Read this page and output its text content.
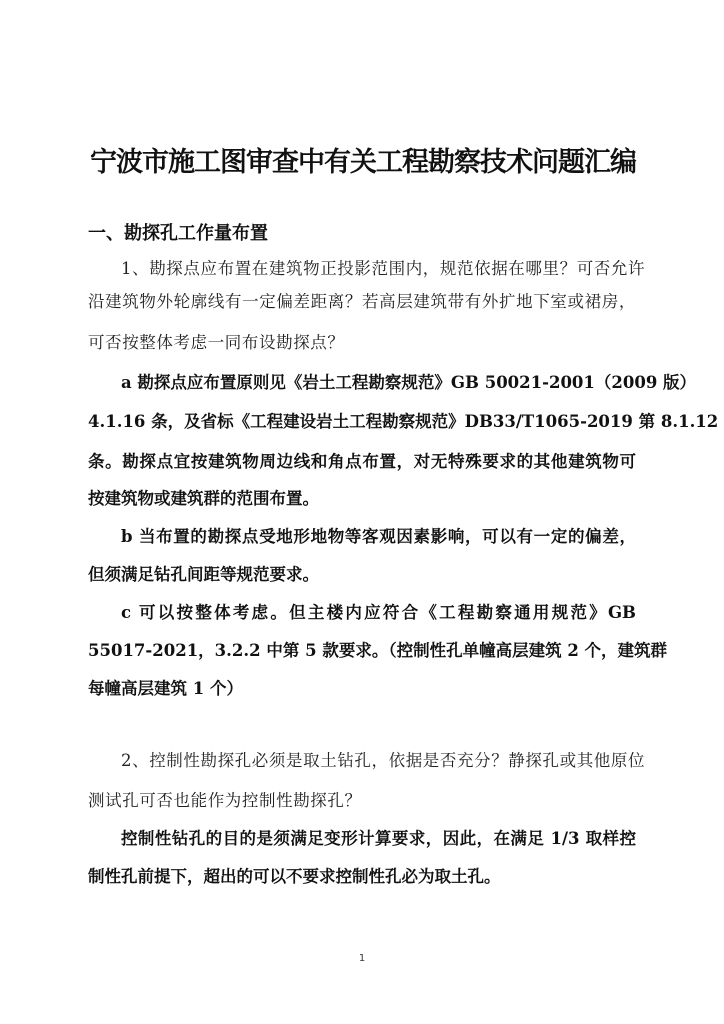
宁波市施工图审查中有关工程勘察技术问题汇编
一、勘探孔工作量布置
1、勘探点应布置在建筑物正投影范围内，规范依据在哪里？可否允许
沿建筑物外轮廓线有一定偏差距离？若高层建筑带有外扩地下室或裙房，
可否按整体考虑一同布设勘探点？
a 勘探点应布置原则见《岩土工程勘察规范》GB 50021-2001（2009 版）
4.1.16 条，及省标《工程建设岩土工程勘察规范》DB33/T1065-2019 第 8.1.12
条。勘探点宜按建筑物周边线和角点布置，对无特殊要求的其他建筑物可
按建筑物或建筑群的范围布置。
b 当布置的勘探点受地形地物等客观因素影响，可以有一定的偏差，
但须满足钻孔间距等规范要求。
c 可以按整体考虑。但主楼内应符合《工程勘察通用规范》GB
55017-2021，3.2.2 中第 5 款要求。（控制性孔单幢高层建筑 2 个，建筑群
每幢高层建筑 1 个）
2、控制性勘探孔必须是取土钻孔，依据是否充分？静探孔或其他原位
测试孔可否也能作为控制性勘探孔？
控制性钻孔的目的是须满足变形计算要求，因此，在满足 1/3 取样控
制性孔前提下，超出的可以不要求控制性孔必为取土孔。
1
